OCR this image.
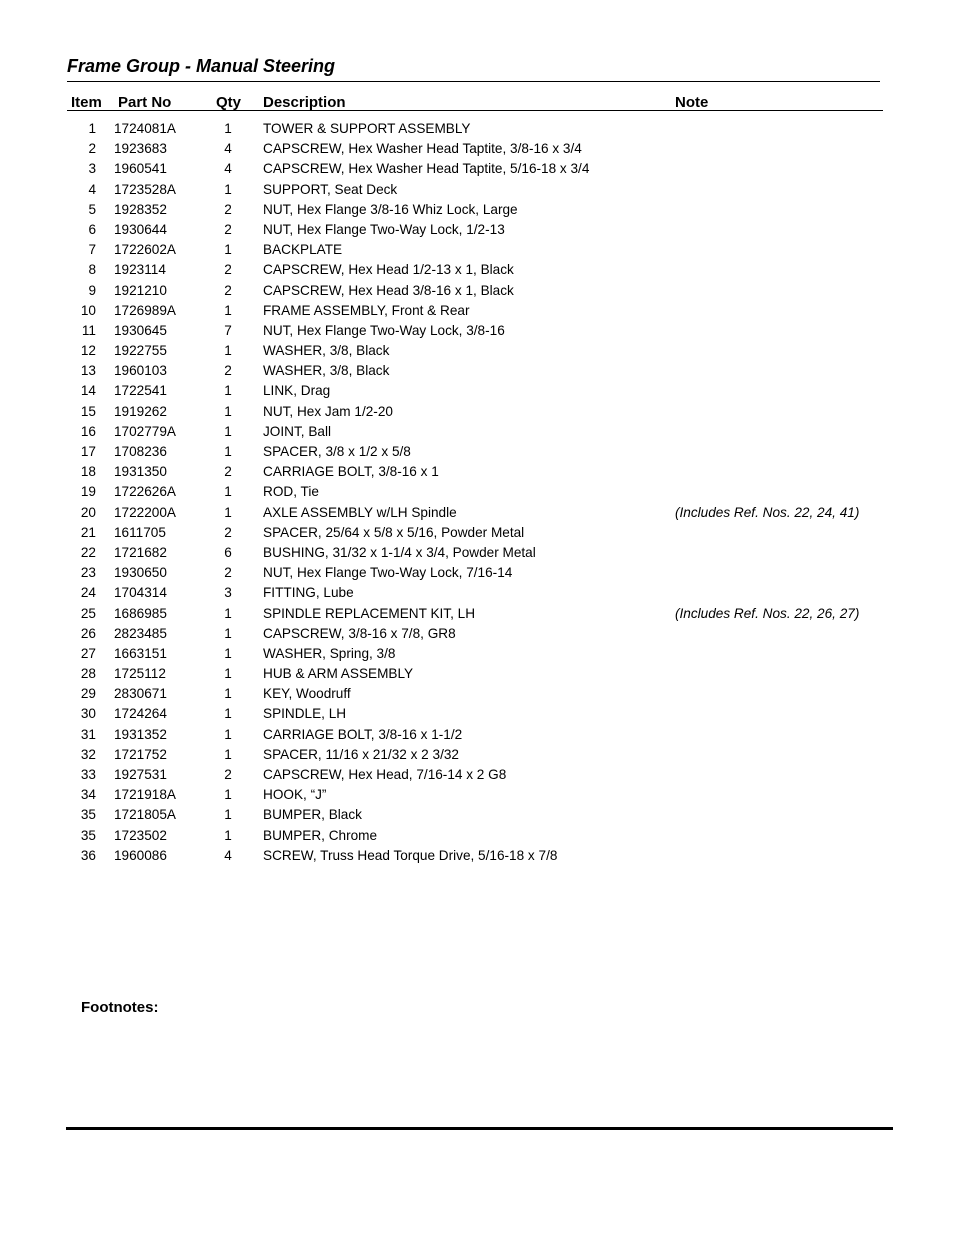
Frame Group - Manual Steering
Item Part No	Qty Description	Note
1 1724081A	1	TOWER & SUPPORT ASSEMBLY
2 1923683	4	CAPSCREW, Hex Washer Head Taptite, 3/8-16 x 3/4
3 1960541	4	CAPSCREW, Hex Washer Head Taptite, 5/16-18 x 3/4
4 1723528A	1	SUPPORT, Seat Deck
5 1928352	2	NUT, Hex Flange 3/8-16 Whiz Lock, Large
6 1930644	2	NUT, Hex Flange Two-Way Lock, 1/2-13
7 1722602A	1	BACKPLATE
8 1923114	2	CAPSCREW, Hex Head 1/2-13 x 1, Black
9 1921210	2	CAPSCREW, Hex Head 3/8-16 x 1, Black
10 1726989A	1	FRAME ASSEMBLY, Front & Rear
11 1930645	7	NUT, Hex Flange Two-Way Lock, 3/8-16
12 1922755	1	WASHER, 3/8, Black
13 1960103	2	WASHER, 3/8, Black
14 1722541	1	LINK, Drag
15 1919262	1	NUT, Hex Jam 1/2-20
16 1702779A	1	JOINT, Ball
17 1708236	1	SPACER, 3/8 x 1/2 x 5/8
18 1931350	2	CARRIAGE BOLT, 3/8-16 x 1
19 1722626A	1	ROD, Tie
20 1722200A	1	AXLE ASSEMBLY w/LH Spindle	(Includes Ref. Nos. 22, 24, 41)
21 1611705	2	SPACER, 25/64 x 5/8 x 5/16, Powder Metal
22 1721682	6	BUSHING, 31/32 x 1-1/4 x 3/4, Powder Metal
23 1930650	2	NUT, Hex Flange Two-Way Lock, 7/16-14
24 1704314	3	FITTING, Lube
25 1686985	1	SPINDLE REPLACEMENT KIT, LH	(Includes Ref. Nos. 22, 26, 27)
26 2823485	1	CAPSCREW, 3/8-16 x 7/8, GR8
27 1663151	1	WASHER, Spring, 3/8
28 1725112	1	HUB & ARM ASSEMBLY
29 2830671	1	KEY, Woodruff
30 1724264	1	SPINDLE, LH
31 1931352	1	CARRIAGE BOLT, 3/8-16 x 1-1/2
32 1721752	1	SPACER, 11/16 x 21/32 x 2 3/32
33 1927531	2	CAPSCREW, Hex Head, 7/16-14 x 2 G8
34 1721918A	1	HOOK, “J”
35 1721805A	1	BUMPER, Black
35 1723502	1	BUMPER, Chrome
36 1960086	4	SCREW, Truss Head Torque Drive, 5/16-18 x 7/8
Footnotes:
